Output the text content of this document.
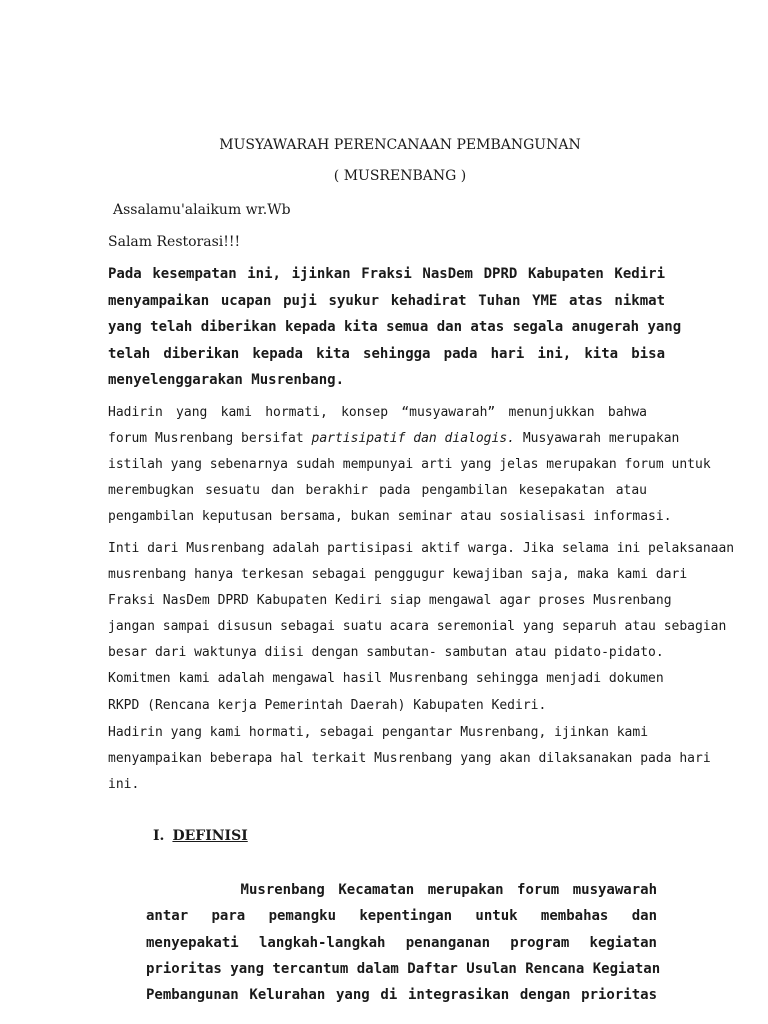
MUSYAWARAH PERENCANAAN PEMBANGUNAN
( MUSRENBANG )
Assalamu'alaikum wr.Wb
Salam Restorasi!!!
Pada kesempatan ini, ijinkan Fraksi NasDem DPRD Kabupaten Kediri
menyampaikan ucapan puji syukur kehadirat Tuhan YME atas nikmat
yang telah diberikan kepada kita semua dan atas segala anugerah yang
telah diberikan kepada kita sehingga pada hari ini, kita bisa
menyelenggarakan Musrenbang.
Hadirin yang kami hormati, konsep “musyawarah” menunjukkan bahwa
forum Musrenbang bersifat partisipatif dan dialogis. Musyawarah merupakan
istilah yang sebenarnya sudah mempunyai arti yang jelas merupakan forum untuk
merembugkan sesuatu dan berakhir pada pengambilan kesepakatan atau
pengambilan keputusan bersama, bukan seminar atau sosialisasi informasi.
Inti dari Musrenbang adalah partisipasi aktif warga. Jika selama ini pelaksanaan
musrenbang hanya terkesan sebagai penggugur kewajiban saja, maka kami dari
Fraksi NasDem DPRD Kabupaten Kediri siap mengawal agar proses Musrenbang
jangan sampai disusun sebagai suatu acara seremonial yang separuh atau sebagian
besar dari waktunya diisi dengan sambutan- sambutan atau pidato-pidato.
Komitmen kami adalah mengawal hasil Musrenbang sehingga menjadi dokumen
RKPD (Rencana kerja Pemerintah Daerah) Kabupaten Kediri.
Hadirin yang kami hormati, sebagai pengantar Musrenbang, ijinkan kami
menyampaikan beberapa hal terkait Musrenbang yang akan dilaksanakan pada hari
ini.
I. DEFINISI
Musrenbang Kecamatan merupakan forum musyawarah
antar para pemangku kepentingan untuk membahas dan
menyepakati langkah-langkah penanganan program kegiatan
prioritas yang tercantum dalam Daftar Usulan Rencana Kegiatan
Pembangunan Kelurahan yang di integrasikan dengan prioritas
